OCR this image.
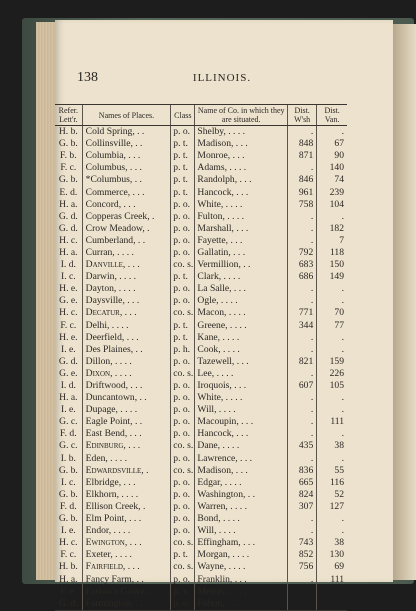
138	ILLINOIS.
Refer. Lett'r.	Names of Places.	Class	Name of Co. in which they are situated.	Dist. W'sh	Dist. Van.
H. b.	Cold Spring, . .	p. o.	Shelby, . . . .	.	.
G. b.	Collinsville, . .	p. t.	Madison, . . .	848	67
F. b.	Columbia, . . .	p. t.	Monroe, . . .	871	90
F. c.	Columbus, . . .	p. t.	Adams, . . . .	.	140
G. b.	*Columbus, . .	p. t.	Randolph, . . .	846	74
E. d.	Commerce, . . .	p. t.	Hancock, . . .	961	239
H. a.	Concord, . . .	p. o.	White, . . . .	758	104
G. d.	Copperas Creek, .	p. o.	Fulton, . . . .	.	.
G. d.	Crow Meadow, .	p. o.	Marshall, . . .	.	182
H. c.	Cumberland, . .	p. o.	Fayette, . . .	.	7
H. a.	Curran, . . . .	p. o.	Gallatin, . . .	792	118
I. d.	Danville, . . .	co. s.	Vermillion, . .	683	150
I. c.	Darwin, . . . .	p. t.	Clark, . . . .	686	149
H. e.	Dayton, . . . .	p. o.	La Salle, . . .	.	.
G. e.	Daysville, . . .	p. o.	Ogle, . . . .	.	.
H. c.	Decatur, . . .	co. s.	Macon, . . . .	771	70
F. c.	Delhi, . . . .	p. t.	Greene, . . . .	344	77
H. e.	Deerfield, . . .	p. t.	Kane, . . . .	.	.
I. e.	Des Plaines, . .	p. h.	Cook, . . . .	.	.
G. d.	Dillon, . . . .	p. o.	Tazewell, . . .	821	159
G. e.	Dixon, . . . .	co. s.	Lee, . . . .	.	226
I. d.	Driftwood, . . .	p. o.	Iroquois, . . .	607	105
H. a.	Duncantown, . .	p. o.	White, . . . .	.	.
I. e.	Dupage, . . . .	p. o.	Will, . . . .	.	.
G. c.	Eagle Point, . .	p. o.	Macoupin, . . .	.	111
F. d.	East Bend, . . .	p. o.	Hancock, . . .	.	.
G. c.	Edinburg, . . .	co. s.	Dane, . . . .	435	38
I. b.	Eden, . . . .	p. o.	Lawrence, . . .	.	.
G. b.	Edwardsville, .	co. s.	Madison, . . .	836	55
I. c.	Elbridge, . . .	p. o.	Edgar, . . . .	665	116
G. b.	Elkhorn, . . . .	p. o.	Washington, . .	824	52
F. d.	Ellison Creek, .	p. o.	Warren, . . . .	307	127
G. b.	Elm Point, . . .	p. o.	Bond, . . . .	.	.
I. e.	Endor, . . . .	p. o.	Will, . . . .	.	.
H. c.	Ewington, . . .	co. s.	Effingham, . . .	743	38
F. c.	Exeter, . . . .	p. t.	Morgan, . . . .	852	130
H. b.	Fairfield, . . .	co. s.	Wayne, . . . .	756	69
H. a.	Fancy Farm, . .	p. o.	Franklin, . . .	.	111
F. e.	Farlow's Grove, .	p. v.	Mercer, . . . .	.	.
G. d.	Farmington, . .	p. o.	Fulton, . . . .	.	.
